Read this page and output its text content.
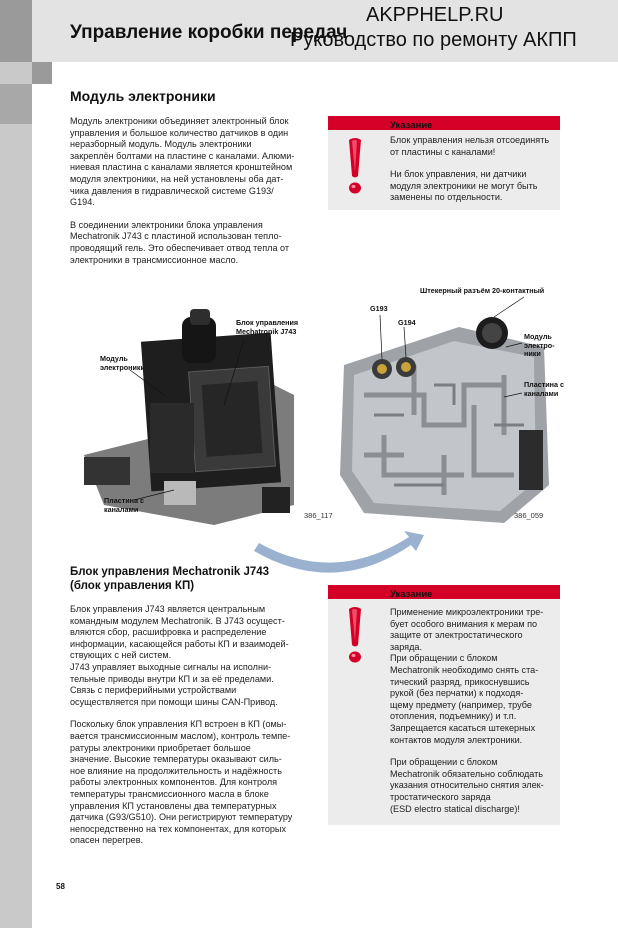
Управление коробки передач
AKPPHELP.RU
Руководство по ремонту АКПП
Модуль электроники

Модуль электроники объединяет электронный блок
управления и большое количество датчиков в один
неразборный модуль. Модуль электроники
закреплён болтами на пластине с каналами. Алюми-
ниевая пластина с каналами является кронштейном
модуля электроники, на ней установлены оба дат-
чика давления в гидравлической системе G193/
G194.

В соединении электроники блока управления
Mechatronik J743 с пластиной использован тепло-
проводящий гель. Это обеспечивает отвод тепла от
электроники в трансмиссионное масло.

Указание

Блок управления нельзя отсоединять
от пластины с каналами!

Ни блок управления, ни датчики
модуля электроники не могут быть
заменены по отдельности.

Модуль
электроники
Блок управления
Mechatronik J743
Пластина с
каналами
386_117
Штекерный разъём 20-контактный
G193
G194
Модуль
электро-
ники
Пластина с
каналами
386_059
Блок управления Mechatronik J743
(блок управления КП)

Блок управления J743 является центральным
командным модулем Mechatronik. В J743 осущест-
вляются сбор, расшифровка и распределение
информации, касающейся работы КП и взаимодей-
ствующих с ней систем.
J743 управляет выходные сигналы на исполни-
тельные приводы внутри КП и за её пределами.
Связь с периферийными устройствами
осуществляется при помощи шины CAN-Привод.

Поскольку блок управления КП встроен в КП (омы-
вается трансмиссионным маслом), контроль темпе-
ратуры электроники приобретает большое
значение. Высокие температуры оказывают силь-
ное влияние на продолжительность и надёжность
работы электронных компонентов. Для контроля
температуры трансмиссионного масла в блоке
управления КП установлены два температурных
датчика (G93/G510). Они регистрируют температуру
непосредственно на тех компонентах, для которых
опасен перегрев.

Указание

Применение микроэлектроники тре-
бует особого внимания к мерам по
защите от электростатического
заряда.
При обращении с блоком
Mechatronik необходимо снять ста-
тический разряд, прикоснувшись
рукой (без перчатки) к подходя-
щему предмету (например, трубе
отопления, подъемнику) и т.п.
Запрещается касаться штекерных
контактов модуля электроники.

При обращении с блоком
Mechatronik обязательно соблюдать
указания относительно снятия элек-
тростатического заряда
(ESD electro statical discharge)!

58
